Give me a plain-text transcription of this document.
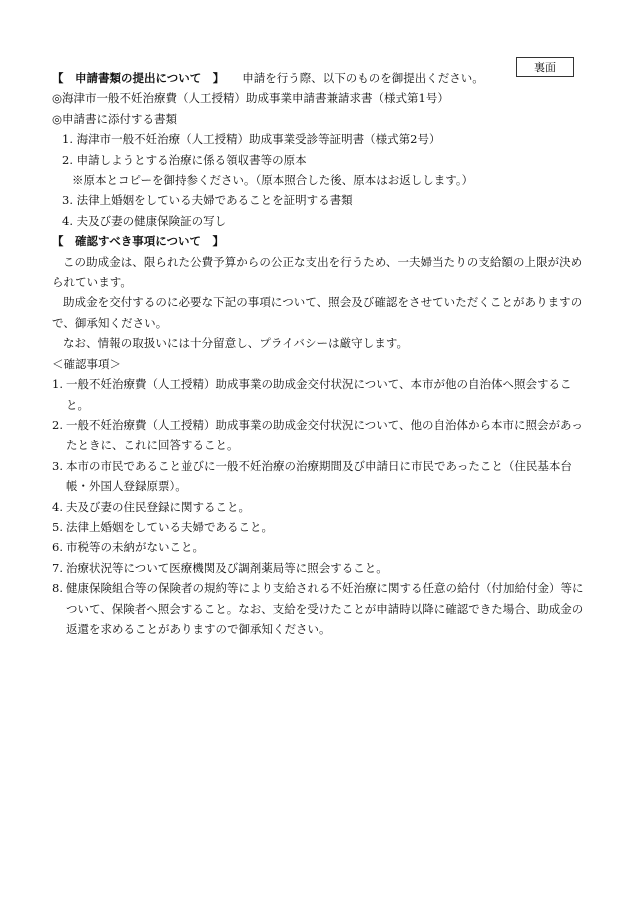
裏面
【　申請書類の提出について　】 申請を行う際、以下のものを御提出ください。
◎海津市一般不妊治療費（人工授精）助成事業申請書兼請求書（様式第1号）
◎申請書に添付する書類
1. 海津市一般不妊治療（人工授精）助成事業受診等証明書（様式第2号）
2. 申請しようとする治療に係る領収書等の原本
※原本とコピーを御持参ください。（原本照合した後、原本はお返しします。）
3. 法律上婚姻をしている夫婦であることを証明する書類
4. 夫及び妻の健康保険証の写し
【　確認すべき事項について　】
この助成金は、限られた公費予算からの公正な支出を行うため、一夫婦当たりの支給額の上限が決められています。
助成金を交付するのに必要な下記の事項について、照会及び確認をさせていただくことがありますので、御承知ください。
なお、情報の取扱いには十分留意し、プライバシーは厳守します。
＜確認事項＞
1. 一般不妊治療費（人工授精）助成事業の助成金交付状況について、本市が他の自治体へ照会すること。
2. 一般不妊治療費（人工授精）助成事業の助成金交付状況について、他の自治体から本市に照会があったときに、これに回答すること。
3. 本市の市民であること並びに一般不妊治療の治療期間及び申請日に市民であったこと（住民基本台帳・外国人登録原票）。
4. 夫及び妻の住民登録に関すること。
5. 法律上婚姻をしている夫婦であること。
6. 市税等の未納がないこと。
7. 治療状況等について医療機関及び調剤薬局等に照会すること。
8. 健康保険組合等の保険者の規約等により支給される不妊治療に関する任意の給付（付加給付金）等について、保険者へ照会すること。なお、支給を受けたことが申請時以降に確認できた場合、助成金の返還を求めることがありますので御承知ください。
